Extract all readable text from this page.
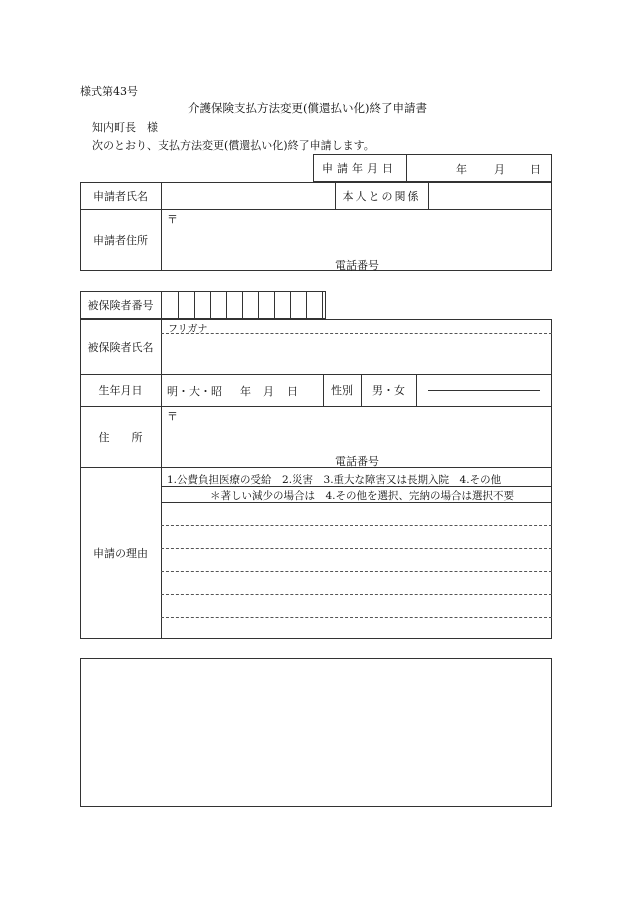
様式第43号
介護保険支払方法変更(償還払い化)終了申請書
知内町長　様
次のとおり、支払方法変更(償還払い化)終了申請します。
申請年月日	年 月 日
申請者氏名	本人との関係
申請者住所
〒
電話番号
被保険者番号
フリガナ
被保険者氏名
生年月日	明・大・昭 年 月 日	性別	男・女
住　　所
〒
電話番号
申請の理由
1.公費負担医療の受給　2.災害　3.重大な障害又は長期入院　4.その他
＊著しい減少の場合は　4.その他を選択、完納の場合は選択不要
